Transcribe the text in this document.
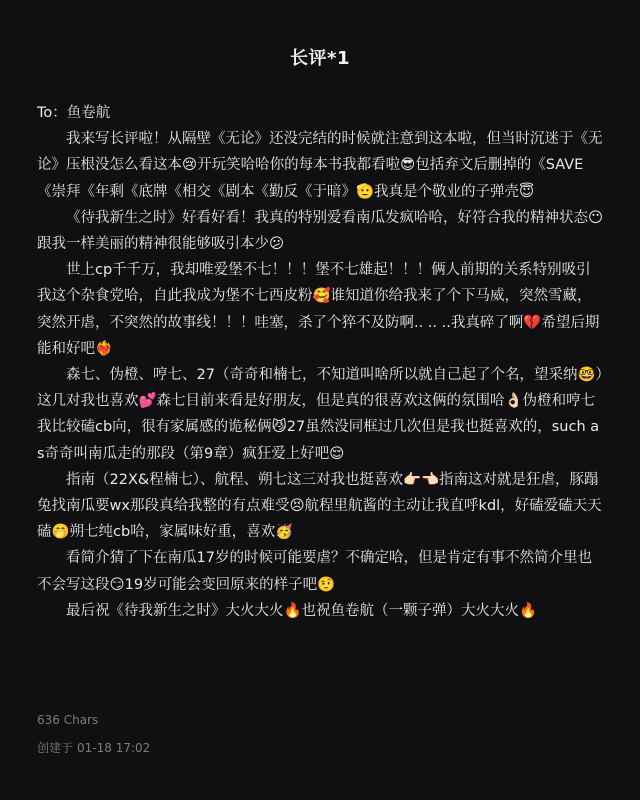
长评*1

To：鱼卷航

我来写长评啦！从隔壁《无论》还没完结的时候就注意到这本啦，但当时沉迷于《无论》压根没怎么看这本😢开玩笑哈哈你的每本书我都看啦😎包括弃文后删掉的《SAVE《崇拜《年剩《底牌《相交《剧本《勤反《于暗》🫡我真是个敬业的子弹壳😇

《待我新生之时》好看好看！我真的特别爱看南瓜发疯哈哈，好符合我的精神状态😶跟我一样美丽的精神很能够吸引本少😕

世上cp千千万，我却唯爱堡不七！！！堡不七雄起！！！俩人前期的关系特别吸引我这个杂食党哈，自此我成为堡不七西皮粉🥰谁知道你给我来了个下马威，突然雪藏，突然开虐，不突然的故事线！！！哇塞，杀了个猝不及防啊.. .. ..我真碎了啊💔希望后期能和好吧❤️‍🔥

森七、伪橙、哼七、27（奇奇和楠七，不知道叫啥所以就自己起了个名，望采纳🤓）这几对我也喜欢💕森七目前来看是好朋友，但是真的很喜欢这俩的氛围哈👌🏻伪橙和哼七我比较磕cb向，很有家属感的诡秘俩😼27虽然没同框过几次但是我也挺喜欢的，such as奇奇叫南瓜走的那段（第9章）疯狂爱上好吧😌

指南（22X&程楠七）、航程、朔七这三对我也挺喜欢👉🏻👈🏻指南这对就是狂虐，豚蹋兔找南瓜要wx那段真给我整的有点难受😣航程里航酱的主动让我直呼kdl，好磕爱磕天天磕🤭朔七纯cb哈，家属味好重，喜欢🥳

看简介猜了下在南瓜17岁的时候可能要虐？不确定哈，但是肯定有事不然简介里也不会写这段😏19岁可能会变回原来的样子吧🤨

最后祝《待我新生之时》大火大火🔥也祝鱼卷航（一颗子弹）大火大火🔥

636 Chars
创建于 01-18 17:02
